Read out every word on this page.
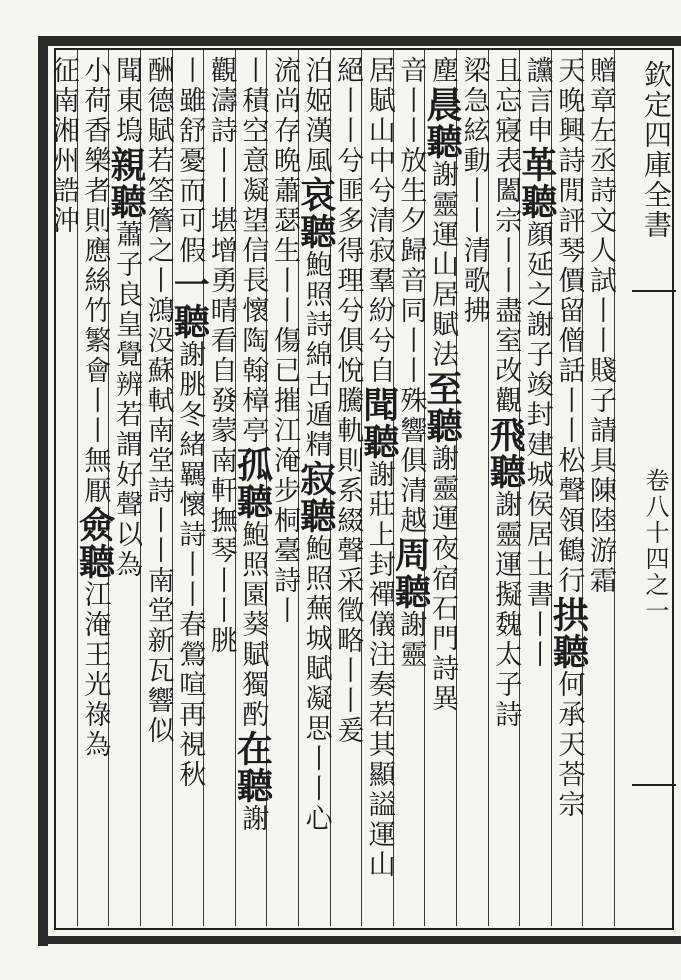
欽定四庫全書
卷八十四之一
贈章左丞詩文人試丨丨賤子請具陳陸游霜
天晚興詩閒評琴價留僧話丨丨松聲領鶴行
拱聽
何承天荅宗
讜言申
革聽
顔延之謝子竣封建城侯
居士書丨丨
且忘寢
表闔宗丨丨盡室改觀
飛聽
謝靈運擬魏太子詩
梁
急絃動丨丨清歌拂
塵
晨聽
謝靈運山居賦法
至聽
謝靈運夜宿石門詩異
音丨丨放生夕歸
音同丨丨殊響俱清越
周聽
謝靈
居賦山中兮清寂羣紛兮自
聞聽
謝莊上封禪儀注奏若其顯謚
運山
絕丨丨兮匪多得理兮俱悅
騰軌則系綴聲采徵略丨丨爰
泊姬漢風
哀聽
鮑照詩綿古遁精
寂聽
鮑照蕪城賦凝思丨丨心
流尚存
晩蕭瑟生丨丨
傷已摧江淹步桐臺詩丨
丨積空意凝望信長懷陶翰樟亭
孤聽
鮑照園葵賦獨酌
在聽
謝
觀濤詩丨丨堪增勇晴看自發蒙
南軒撫琴丨丨
朓
丨雖舒憂而可假
一聽
謝朓冬緒羈懷詩丨丨春鶯喧再視秋
酬德賦若筌簷之丨
鴻没蘇軾南堂詩丨丨南堂新瓦響似
聞東塢
親聽
蕭子良皇覺辨若謂好聲以為
小荷香
樂者則應絲竹繁會丨丨無厭
僉聽
江淹王光祿為
征南湘州誥沖
